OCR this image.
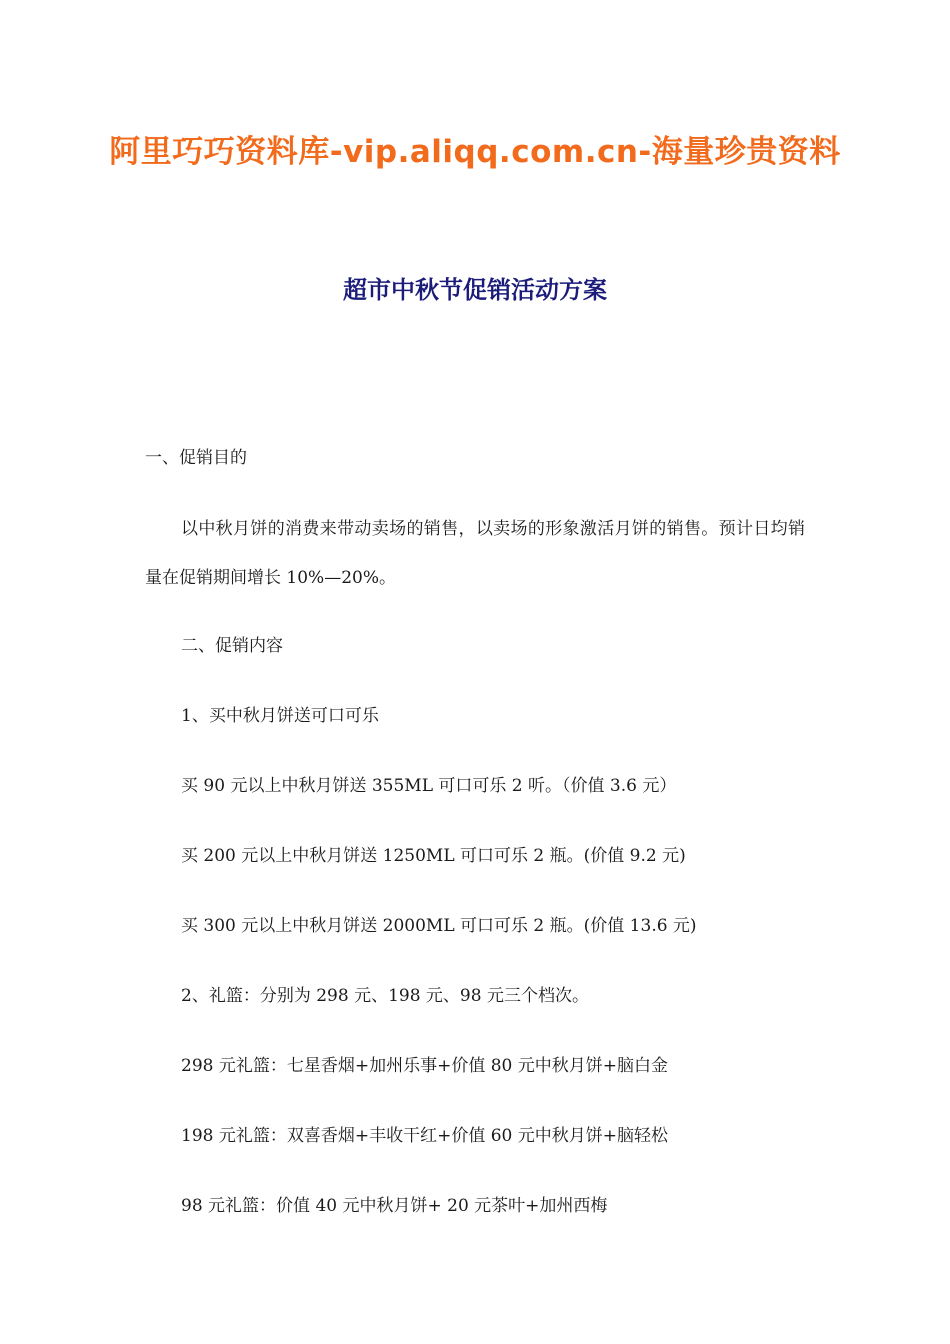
阿里巧巧资料库-vip.aliqq.com.cn-海量珍贵资料
超市中秋节促销活动方案
一、促销目的
以中秋月饼的消费来带动卖场的销售，以卖场的形象激活月饼的销售。预计日均销量在促销期间增长 10%—20%。
二、促销内容
1、买中秋月饼送可口可乐
买 90 元以上中秋月饼送 355ML 可口可乐 2 听。（价值 3.6 元）
买 200 元以上中秋月饼送 1250ML 可口可乐 2 瓶。(价值 9.2 元)
买 300 元以上中秋月饼送 2000ML 可口可乐 2 瓶。(价值 13.6 元)
2、礼篮：分别为 298 元、198 元、98 元三个档次。
298 元礼篮：七星香烟+加州乐事+价值 80 元中秋月饼+脑白金
198 元礼篮：双喜香烟+丰收干红+价值 60 元中秋月饼+脑轻松
98 元礼篮：价值 40 元中秋月饼+ 20 元茶叶+加州西梅
